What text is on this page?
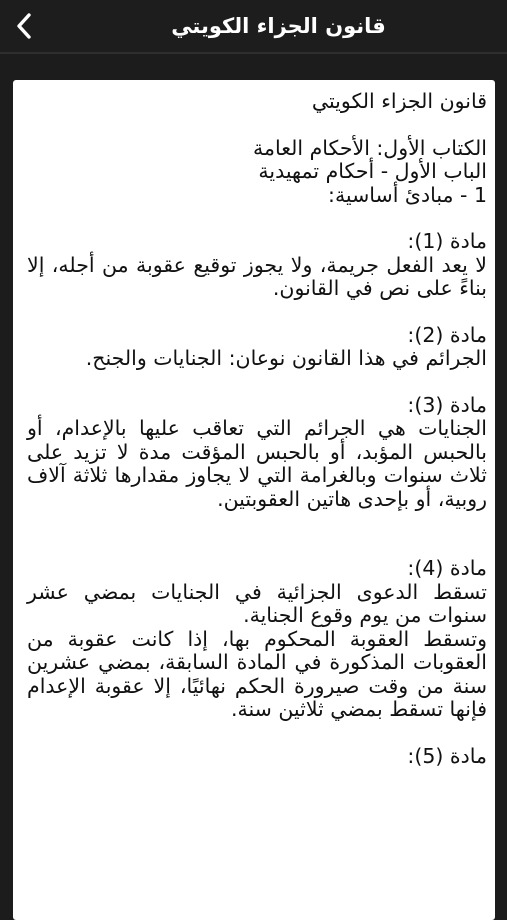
قانون الجزاء الكويتي

قانون الجزاء الكويتي

الكتاب الأول: الأحكام العامة

الباب الأول - أحكام تمهيدية

1 - مبادئ أساسية:

مادة (1):

لا يعد الفعل جريمة، ولا يجوز توقيع عقوبة من أجله، إلا بناءً على نص في القانون.

مادة (2):

الجرائم في هذا القانون نوعان: الجنايات والجنح.

مادة (3):

الجنايات هي الجرائم التي تعاقب عليها بالإعدام، أو بالحبس المؤبد، أو بالحبس المؤقت مدة لا تزيد على ثلاث سنوات وبالغرامة التي لا يجاوز مقدارها ثلاثة آلاف روبية، أو بإحدى هاتين العقوبتين.

مادة (4):

تسقط الدعوى الجزائية في الجنايات بمضي عشر سنوات من يوم وقوع الجناية.

وتسقط العقوبة المحكوم بها، إذا كانت عقوبة من العقوبات المذكورة في المادة السابقة، بمضي عشرين سنة من وقت صيرورة الحكم نهائيًا، إلا عقوبة الإعدام فإنها تسقط بمضي ثلاثين سنة.

مادة (5):
